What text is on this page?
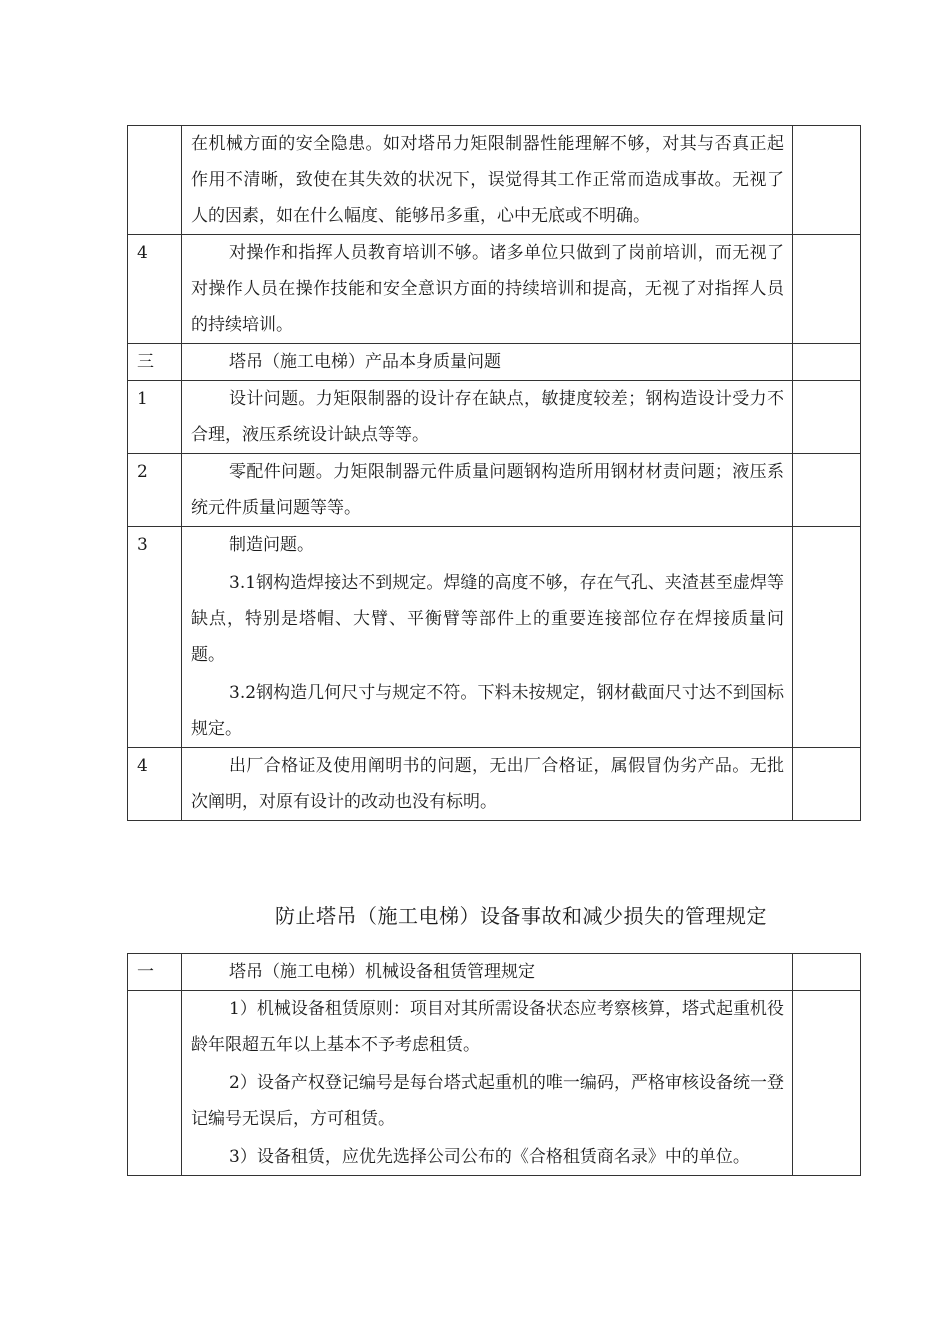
	在机械方面的安全隐患。如对塔吊力矩限制器性能理解不够，对其与否真正起作用不清晰，致使在其失效的状况下，误觉得其工作正常而造成事故。无视了人的因素，如在什么幅度、能够吊多重，心中无底或不明确。	

4	对操作和指挥人员教育培训不够。诸多单位只做到了岗前培训，而无视了对操作人员在操作技能和安全意识方面的持续培训和提高，无视了对指挥人员的持续培训。	

三	塔吊（施工电梯）产品本身质量问题	

1	设计问题。力矩限制器的设计存在缺点，敏捷度较差；钢构造设计受力不合理，液压系统设计缺点等等。	

2	零配件问题。力矩限制器元件质量问题钢构造所用钢材材责问题；液压系统元件质量问题等等。	

3	制造问题。

3.1钢构造焊接达不到规定。焊缝的高度不够，存在气孔、夹渣甚至虚焊等缺点，特别是塔帽、大臂、平衡臂等部件上的重要连接部位存在焊接质量问题。

3.2钢构造几何尺寸与规定不符。下料未按规定，钢材截面尺寸达不到国标规定。	

4	出厂合格证及使用阐明书的问题，无出厂合格证，属假冒伪劣产品。无批次阐明，对原有设计的改动也没有标明。	

防止塔吊（施工电梯）设备事故和减少损失的管理规定
一	塔吊（施工电梯）机械设备租赁管理规定	

	1）机械设备租赁原则：项目对其所需设备状态应考察核算，塔式起重机役龄年限超五年以上基本不予考虑租赁。

2）设备产权登记编号是每台塔式起重机的唯一编码，严格审核设备统一登记编号无误后，方可租赁。

3）设备租赁，应优先选择公司公布的《合格租赁商名录》中的单位。	
